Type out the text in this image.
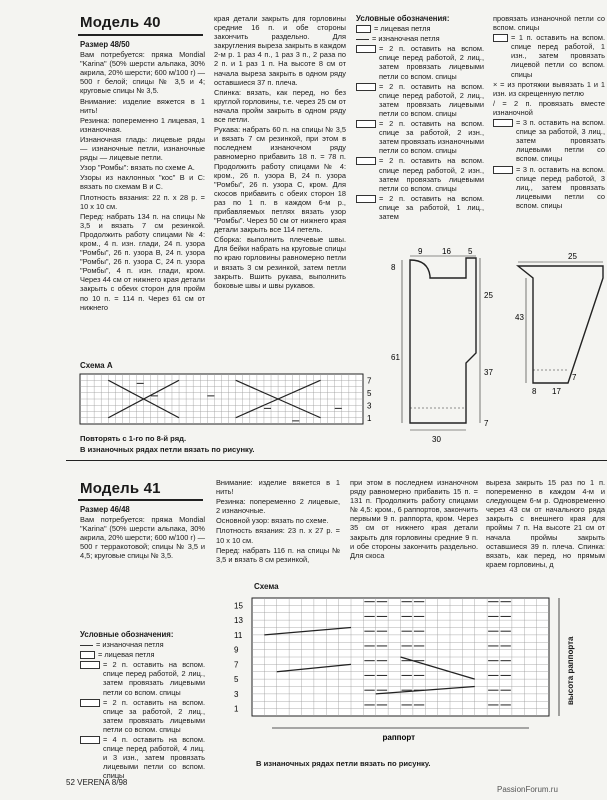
Модель 40

Размер 48/50

Вам потребуется: пряжа Mondial "Karina" (50% шерсти альпака, 30% акрила, 20% шерсти; 600 м/100 г) — 500 г белой; спицы № 3,5 и 4; круговые спицы № 3,5.

Внимание: изделие вяжется в 1 нить!

Резинка: попеременно 1 лицевая, 1 изнаночная.

Изнаночная гладь: лицевые ряды — изнаночные петли, изнаночные ряды — лицевые петли.

Узор "Ромбы": вязать по схеме А.

Узоры из наклонных "кос" В и С: вязать по схемам В и С.

Плотность вязания: 22 п. х 28 р. = 10 х 10 см.

Перед: набрать 134 п. на спицы № 3,5 и вязать 7 см резинкой. Продолжить работу спицами № 4: кром., 4 п. изн. глади, 24 п. узора "Ромбы", 26 п. узора В, 24 п. узора "Ромбы", 26 п. узора С, 24 п. узора "Ромбы", 4 п. изн. глади, кром. Через 44 см от нижнего края детали закрыть с обеих сторон для пройм по 10 п. = 114 п. Через 61 см от нижнего

края детали закрыть для горловины средние 16 п. и обе стороны закончить раздельно. Для закругления выреза закрыть в каждом 2-м р. 1 раз 4 п., 1 раз 3 п., 2 раза по 2 п. и 1 раз 1 п. На высоте 8 см от начала выреза закрыть в одном ряду оставшиеся 37 п. плеча.

Спинка: вязать, как перед, но без круглой горловины, т.е. через 25 см от начала пройм закрыть в одном ряду все петли.

Рукава: набрать 60 п. на спицы № 3,5 и вязать 7 см резинкой, при этом в последнем изнаночном ряду равномерно прибавить 18 п. = 78 п. Продолжить работу спицами № 4: кром., 26 п. узора В, 24 п. узора "Ромбы", 26 п. узора С, кром. Для скосов прибавить с обеих сторон 18 раз по 1 п. в каждом 6-м р., прибавляемых петлях вязать узор "Ромбы". Через 50 см от нижнего края детали закрыть все 114 петель.

Сборка: выполнить плечевые швы. Для бейки набрать на круговые спицы по краю горловины равномерно петли и вязать 3 см резинкой, затем петли закрыть. Вшить рукава, выполнить боковые швы и швы рукавов.

Условные обозначения:

= лицевая петля
= изнаночная петля
= 2 п. оставить на вспом. спице перед работой, 2 лиц., затем провязать лицевыми петли со вспом. спицы
= 2 п. оставить на вспом. спице перед работой, 2 лиц., затем провязать лицевыми петли со вспом. спицы
= 2 п. оставить на вспом. спице за работой, 2 изн., затем провязать изнаночными петли со вспом. спицы
= 2 п. оставить на вспом. спице перед работой, 2 изн., затем провязать лицевыми петли со вспом. спицы
= 2 п. оставить на вспом. спице за работой, 1 лиц., затем

провязать изнаночной петли со вспом. спицы

= 1 п. оставить на вспом. спице перед работой, 1 изн., затем провязать лицевой петли со вспом. спицы

× = из протяжки вывязать 1 и 1 изн. из скрещенную петлю

/ = 2 п. провязать вместе изнаночной

= 3 п. оставить на вспом. спице за работой, 3 лиц., затем провязать лицевыми петли со вспом. спицы
= 3 п. оставить на вспом. спице перед работой, 3 лиц., затем провязать лицевыми петли со вспом. спицы
9 16 5
25
37
7
8
61
30
25
43
8 17
7
Схема А
7
5
3
1
Повторять с 1-го по 8-й ряд.
В изнаночных рядах петли вязать по рисунку.
Модель 41

Размер 46/48

Вам потребуется: пряжа Mondial "Karina" (50% шерсти альпака, 30% акрила, 20% шерсти; 600 м/100 г) — 500 г терракотовой; спицы № 3,5 и 4,5; круговые спицы № 3,5.

Условные обозначения:

= изнаночная петля
= лицевая петля
= 2 п. оставить на вспом. спице перед работой, 2 лиц., затем провязать лицевыми петли со вспом. спицы
= 2 п. оставить на вспом. спице за работой, 2 лиц., затем провязать лицевыми петли со вспом. спицы
= 4 п. оставить на вспом. спице перед работой, 4 лиц. и 3 изн., затем провязать лицевыми петли со вспом. спицы

Внимание: изделие вяжется в 1 нить!

Резинка: попеременно 2 лицевые, 2 изнаночные.

Основной узор: вязать по схеме.

Плотность вязания: 23 п. х 27 р. = 10 х 10 см.

Перед: набрать 116 п. на спицы № 3,5 и вязать 8 см резинкой,

при этом в последнем изнаночном ряду равномерно прибавить 15 п. = 131 п. Продолжить работу спицами № 4,5: кром., 6 раппортов, закончить первыми 9 п. раппорта, кром. Через 35 см от нижнего края детали закрыть для горловины средние 9 п. и обе стороны закончить раздельно. Для скоса

выреза закрыть 15 раз по 1 п. попеременно в каждом 4-м и следующем 6-м р. Одновременно через 43 см от начального ряда закрыть с внешнего края для проймы 7 п. На высоте 21 см от начала проймы закрыть оставшиеся 39 п. плеча. Спинка: вязать, как перед, но прямым краем горловины, д

Схема
15
13
11
9
7
5
3
1
раппорт
высота раппорта
В изнаночных рядах петли вязать по рисунку.
52 VERENA 8/98
PassionForum.ru
